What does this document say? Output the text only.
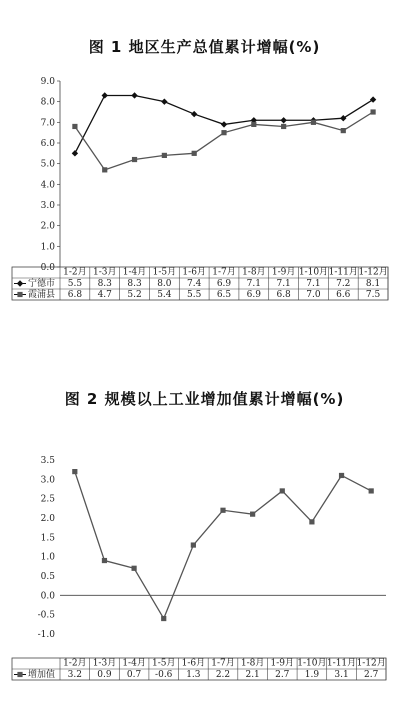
图 1 地区生产总值累计增幅(%)
0.0
1.0
2.0
3.0
4.0
5.0
6.0
7.0
8.0
9.0
1-2月 1-3月 1-4月 1-5月 1-6月 1-7月 1-8月 1-9月 1-10月 1-11月 1-12月
宁德市 5.5 8.3 8.3 8.0 7.4 6.9 7.1 7.1 7.1 7.2 8.1
霞浦县 6.8 4.7 5.2 5.4 5.5 6.5 6.9 6.8 7.0 6.6 7.5
图 2 规模以上工业增加值累计增幅(%)
-1.0
-0.5
0.0
0.5
1.0
1.5
2.0
2.5
3.0
3.5
1-2月 1-3月 1-4月 1-5月 1-6月 1-7月 1-8月 1-9月 1-10月 1-11月 1-12月
增加值 3.2 0.9 0.7 -0.6 1.3 2.2 2.1 2.7 1.9 3.1 2.7
